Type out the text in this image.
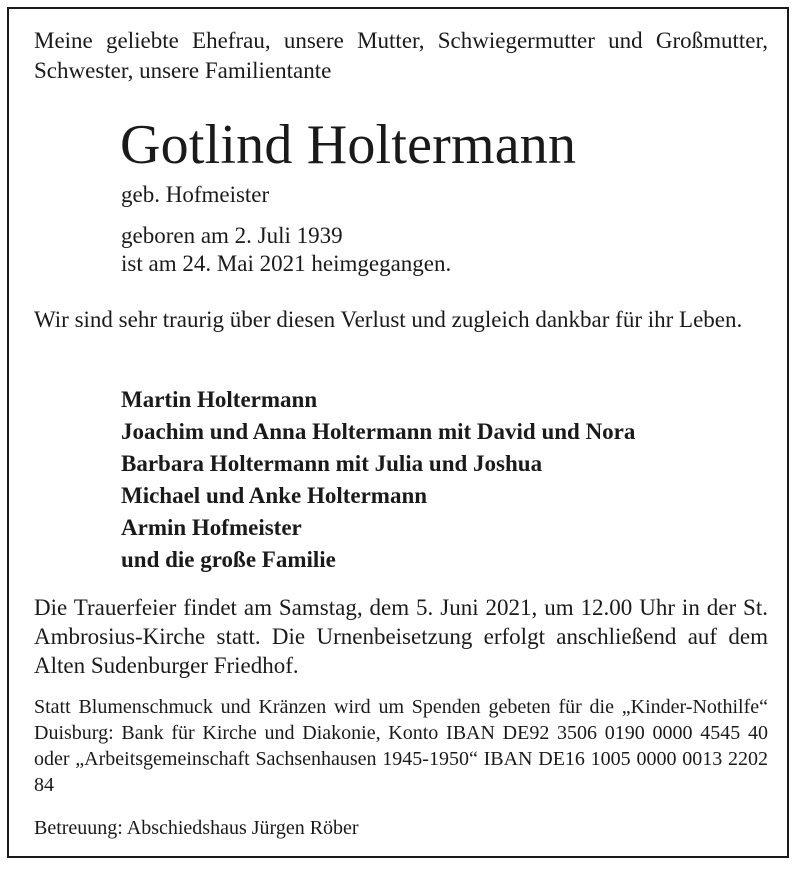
Meine geliebte Ehefrau, unsere Mutter, Schwiegermutter und Großmutter, Schwester, unsere Familientante

Gotlind Holtermann
geb. Hofmeister
geboren am 2. Juli 1939
ist am 24. Mai 2021 heimgegangen.

Wir sind sehr traurig über diesen Verlust und zugleich dankbar für ihr Leben.

Martin Holtermann
Joachim und Anna Holtermann mit David und Nora
Barbara Holtermann mit Julia und Joshua
Michael und Anke Holtermann
Armin Hofmeister
und die große Familie

Die Trauerfeier findet am Samstag, dem 5. Juni 2021, um 12.00 Uhr in der St. Ambrosius-Kirche statt. Die Urnenbeisetzung erfolgt anschließend auf dem Alten Sudenburger Friedhof.

Statt Blumenschmuck und Kränzen wird um Spenden gebeten für die „Kinder-Nothilfe“ Duisburg: Bank für Kirche und Diakonie, Konto IBAN DE92 3506 0190 0000 4545 40 oder „Arbeitsgemeinschaft Sachsenhausen 1945-1950“ IBAN DE16 1005 0000 0013 2202 84

Betreuung: Abschiedshaus Jürgen Röber
